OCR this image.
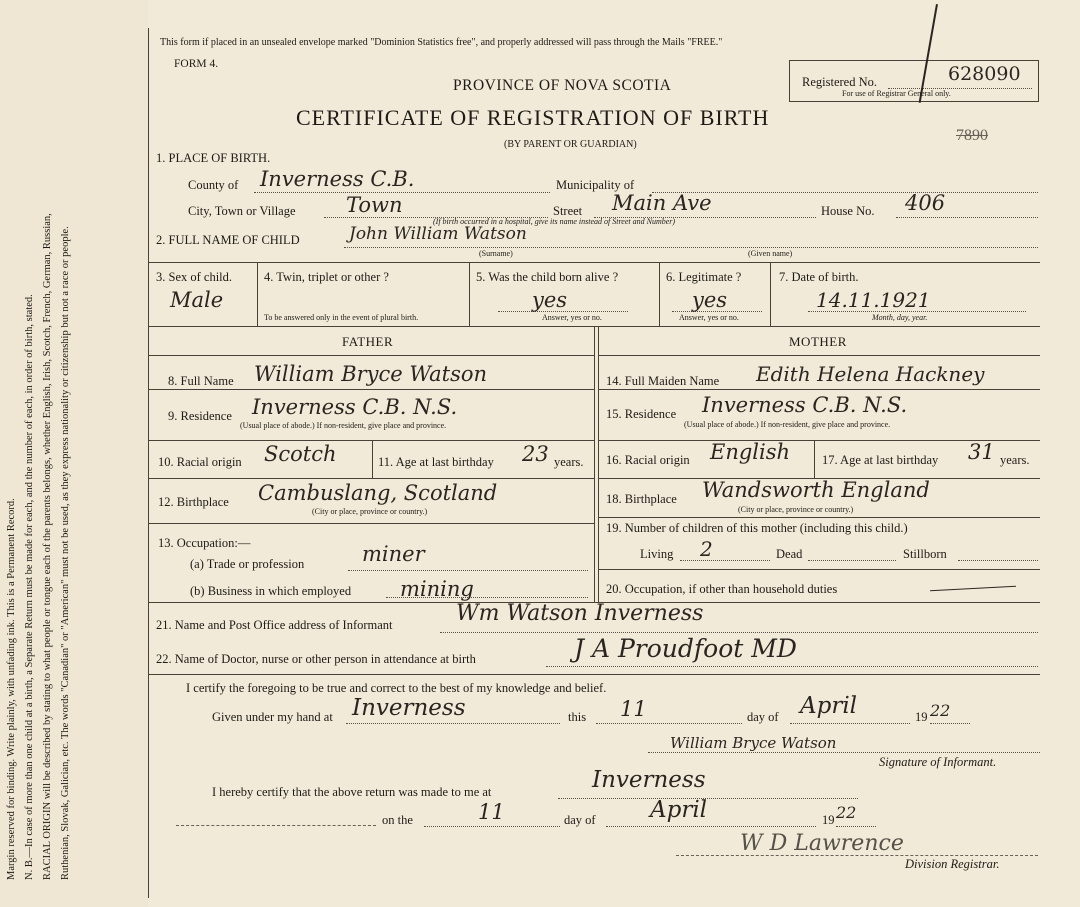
Margin reserved for binding. Write plainly, with unfading ink. This is a Permanent Record. N. B.—In case of more than one child at a birth, a Separate Return must be made for each, and the number of each, in order of birth, stated. RACIAL ORIGIN will be described by stating to what people or tongue each of the parents belongs, whether English, Irish, Scotch, French, German, Russian, Ruthenian, Slovak, Galician, etc. The words "Canadian" or "American" must not be used, as they express nationality or citizenship but not a race or people.
This form if placed in an unsealed envelope marked "Dominion Statistics free", and properly addressed will pass through the Mails "FREE."
FORM 4.
PROVINCE OF NOVA SCOTIA
CERTIFICATE OF REGISTRATION OF BIRTH
(BY PARENT OR GUARDIAN)
Registered No.	628090
For use of Registrar General only.
7890
1. PLACE OF BIRTH.
County of Inverness C.B.	Municipality of
City, Town or Village Town	Street Main Ave	House No. 406
(If birth occurred in a hospital, give its name instead of Street and Number)
2. FULL NAME OF CHILD	John William Watson
(Surname)	(Given name)
3. Sex of child.
Male
4. Twin, triplet or other ?
To be answered only in the event of plural birth.
5. Was the child born alive ?
yes
Answer, yes or no.
6. Legitimate ?
yes
Answer, yes or no.
7. Date of birth.
14.11.1921
Month, day, year.
FATHER	MOTHER
8. Full Name William Bryce Watson
9. Residence Inverness C.B. N.S.
(Usual place of abode.) If non-resident, give place and province.
10. Racial origin Scotch	11. Age at last birthday 23 years.
12. Birthplace Cambuslang, Scotland
(City or place, province or country.)
13. Occupation:—
(a) Trade or profession	miner
(b) Business in which employed mining
14. Full Maiden Name Edith Helena Hackney
15. Residence Inverness C.B. N.S.
(Usual place of abode.) If non-resident, give place and province.
16. Racial origin English	17. Age at last birthday 31 years.
18. Birthplace Wandsworth England
(City or place, province or country.)
19. Number of children of this mother (including this child.)
Living 2	Dead	Stillborn
20. Occupation, if other than household duties
21. Name and Post Office address of Informant	Wm Watson Inverness
22. Name of Doctor, nurse or other person in attendance at birth	J A Proudfoot MD
I certify the foregoing to be true and correct to the best of my knowledge and belief.
Given under my hand at Inverness	this 11	day of April	19 22
William Bryce Watson
Signature of Informant.
I hereby certify that the above return was made to me at	Inverness
on the	11	day of April	19 22
W D Lawrence
Division Registrar.
